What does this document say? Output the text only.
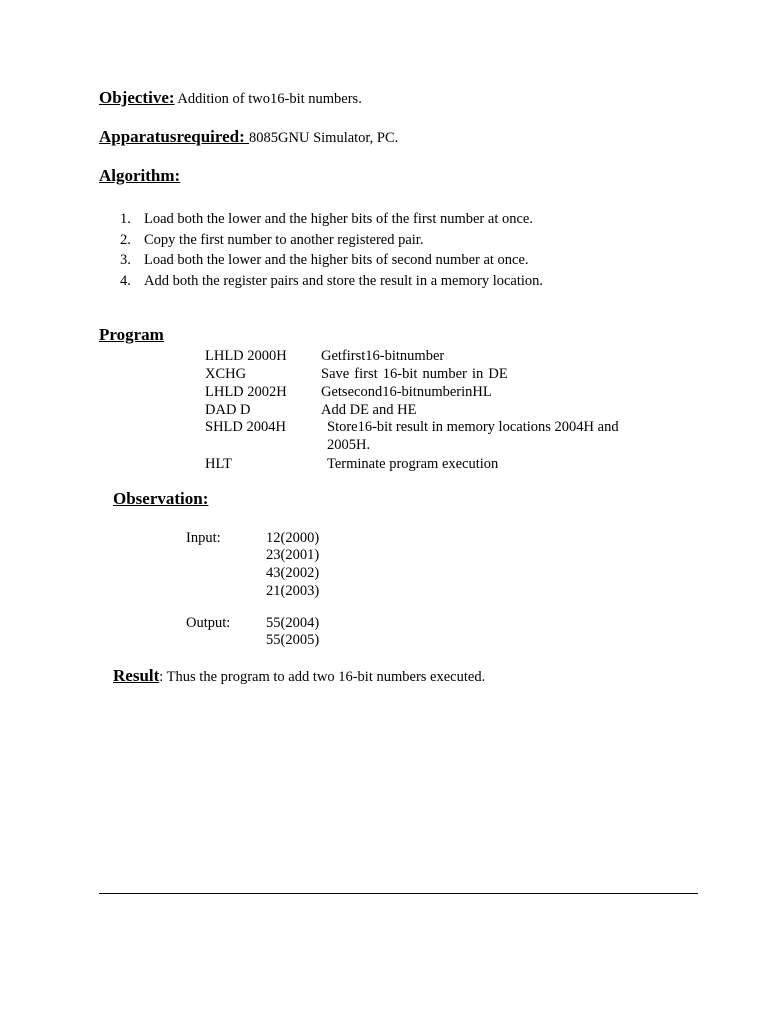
Objective: Addition of two16-bit numbers.
Apparatusrequired: 8085GNU Simulator, PC.
Algorithm:
1. Load both the lower and the higher bits of the first number at once.
2. Copy the first number to another registered pair.
3. Load both the lower and the higher bits of second number at once.
4. Add both the register pairs and store the result in a memory location.
Program
LHLD 2000H Getfirst16-bitnumber
XCHG	Save first 16-bit number in DE
LHLD 2002H Getsecond16-bitnumberinHL
DAD D	Add DE and HE
SHLD 2004H	Store16-bit result in memory locations 2004H and
2005H.
HLT	Terminate program execution
Observation:
Input:	12(2000)
23(2001)
43(2002)
21(2003)
Output: 55(2004)
55(2005)
Result: Thus the program to add two 16-bit numbers executed.
